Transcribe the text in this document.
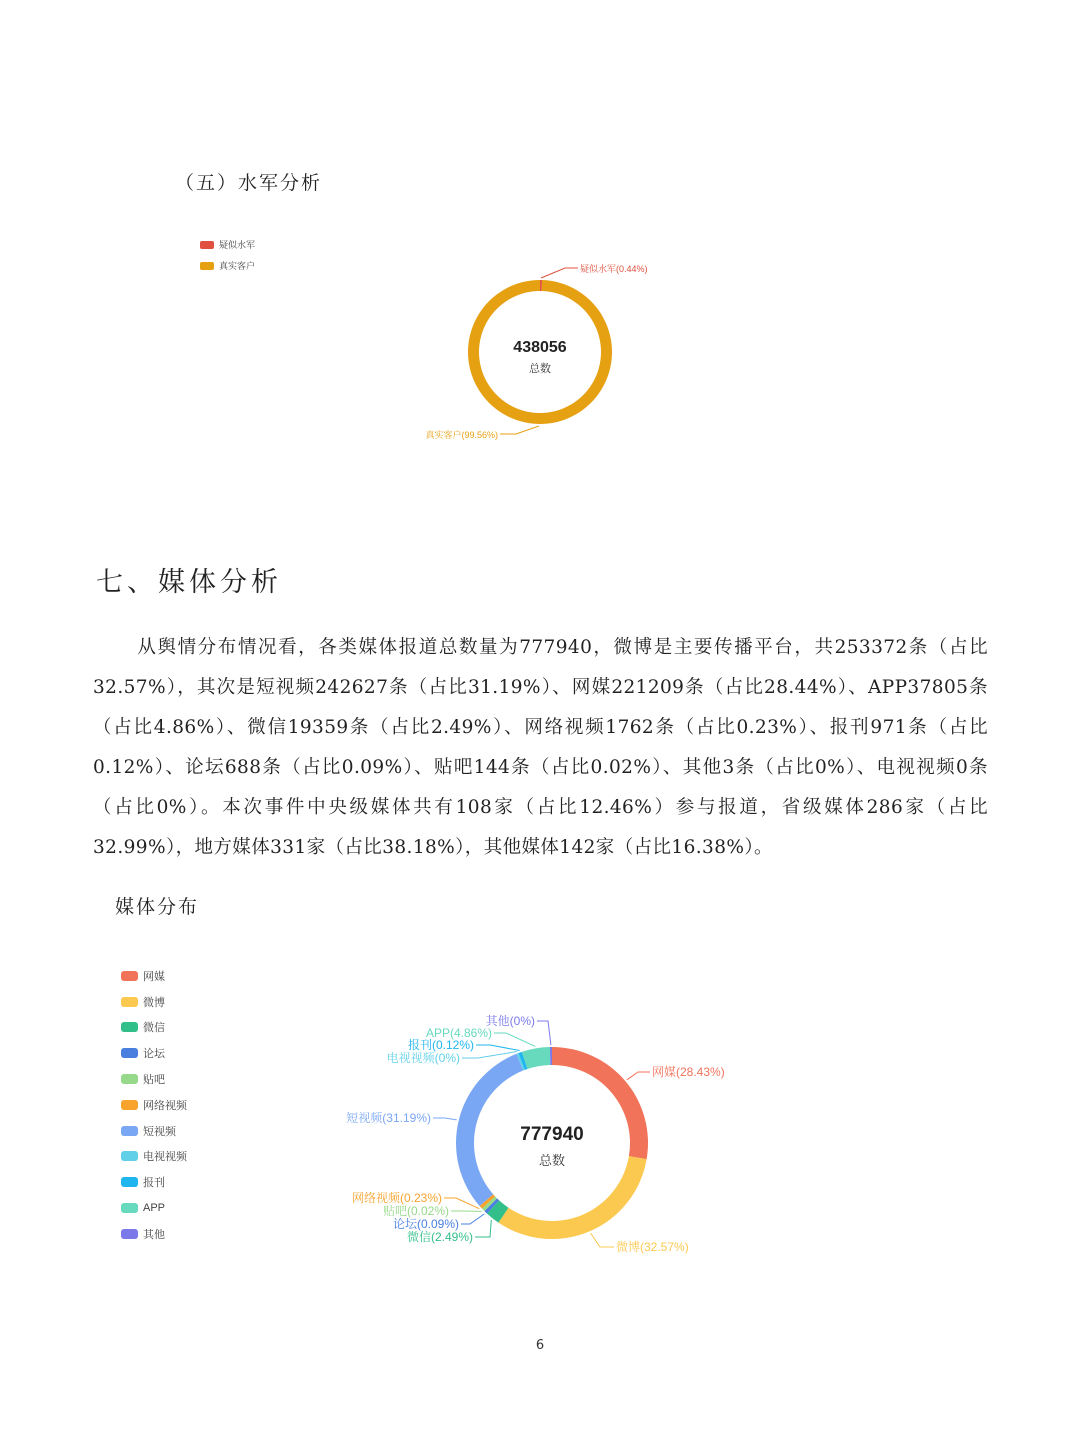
（五）水军分析
疑似水军
真实客户	疑似水军(0.44%)
真实客户(99.56%)
438056
总数
七、媒体分析

从舆情分布情况看，各类媒体报道总数量为777940，微博是主要传播平台，共253372条（占比32.57%），其次是短视频242627条（占比31.19%）、网媒221209条（占比28.44%）、APP37805条（占比4.86%）、微信19359条（占比2.49%）、网络视频1762条（占比0.23%）、报刊971条（占比0.12%）、论坛688条（占比0.09%）、贴吧144条（占比0.02%）、其他3条（占比0%）、电视视频0条（占比0%）。本次事件中央级媒体共有108家（占比12.46%）参与报道，省级媒体286家（占比32.99%），地方媒体331家（占比38.18%），其他媒体142家（占比16.38%）。

媒体分布
网媒
微博
微信
论坛
贴吧
网络视频
短视频
电视视频
报刊
APP
其他
网媒(28.43%)
微博(32.57%)
微信(2.49%)
论坛(0.09%)
贴吧(0.02%)
网络视频(0.23%)
短视频(31.19%)
电视视频(0%)
报刊(0.12%)
APP(4.86%)
其他(0%)
777940
总数
6
